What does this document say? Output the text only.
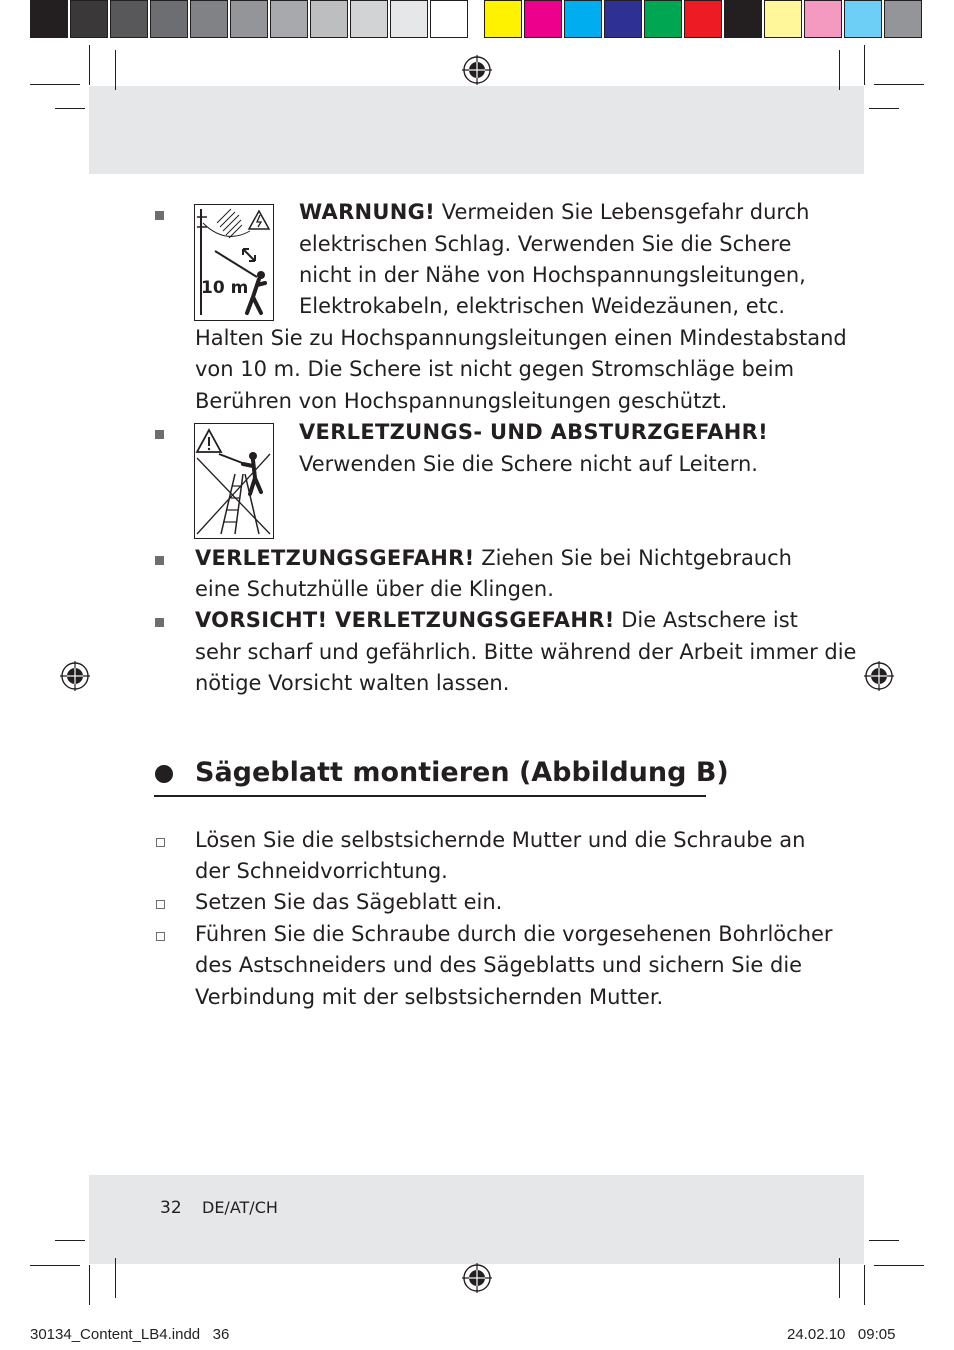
10 m
WARNUNG! Vermeiden Sie Lebensgefahr durch
elektrischen Schlag. Verwenden Sie die Schere
nicht in der Nähe von Hochspannungsleitungen,
Elektrokabeln, elektrischen Weidezäunen, etc.
Halten Sie zu Hochspannungsleitungen einen Mindestabstand
von 10 m. Die Schere ist nicht gegen Stromschläge beim
Berühren von Hochspannungsleitungen geschützt.
VERLETZUNGS- UND ABSTURZGEFAHR!
Verwenden Sie die Schere nicht auf Leitern.
VERLETZUNGSGEFAHR! Ziehen Sie bei Nichtgebrauch
eine Schutzhülle über die Klingen.
VORSICHT! VERLETZUNGSGEFAHR! Die Astschere ist
sehr scharf und gefährlich. Bitte während der Arbeit immer die
nötige Vorsicht walten lassen.
Sägeblatt montieren (Abbildung B)
Lösen Sie die selbstsichernde Mutter und die Schraube an
der Schneidvorrichtung.
Setzen Sie das Sägeblatt ein.
Führen Sie die Schraube durch die vorgesehenen Bohrlöcher
des Astschneiders und des Sägeblatts und sichern Sie die
Verbindung mit der selbstsichernden Mutter.
32 DE/AT/CH
30134_Content_LB4.indd   36	24.02.10   09:05
